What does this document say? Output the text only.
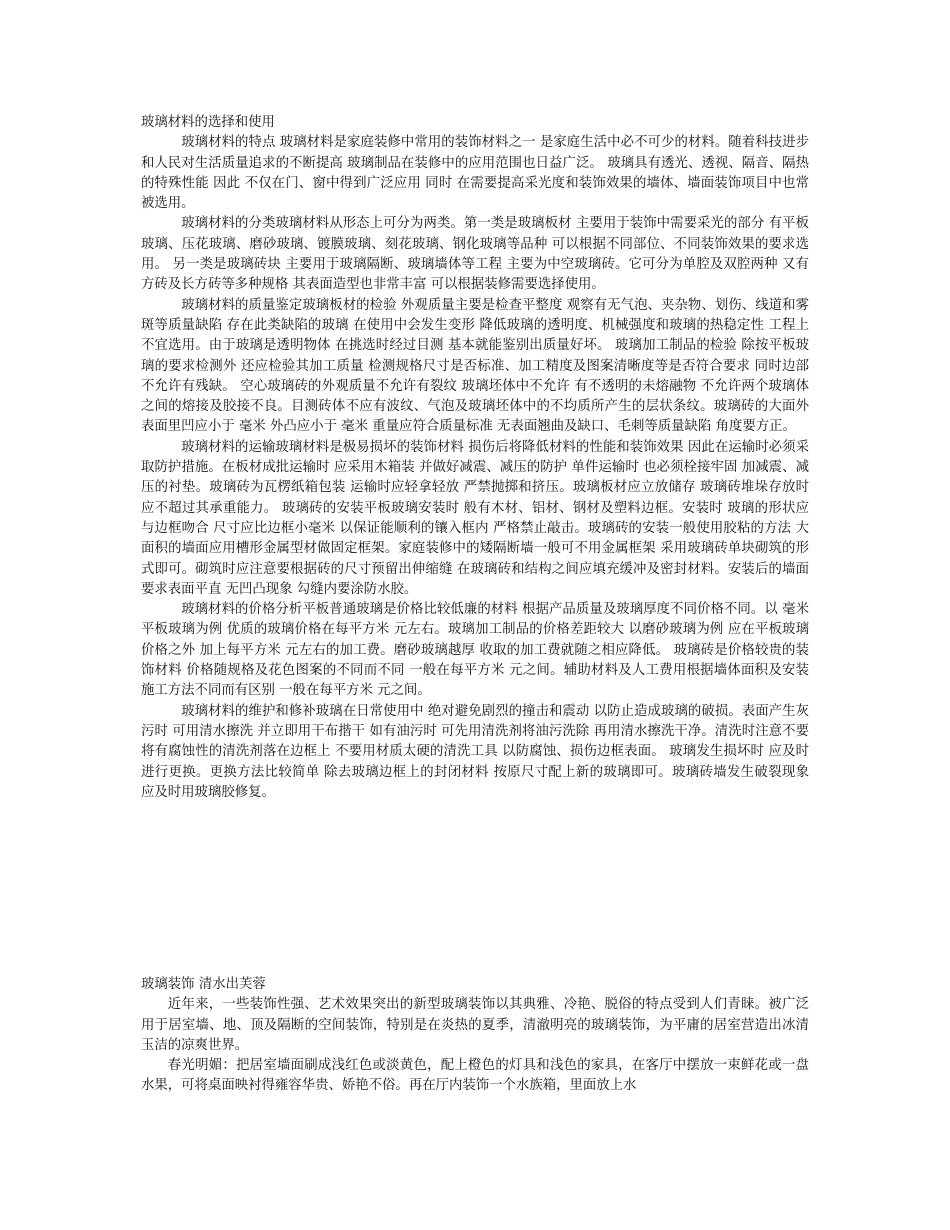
玻璃材料的选择和使用

玻璃材料的特点 玻璃材料是家庭装修中常用的装饰材料之一 是家庭生活中必不可少的材料。随着科技进步和人民对生活质量追求的不断提高 玻璃制品在装修中的应用范围也日益广泛。 玻璃具有透光、透视、隔音、隔热的特殊性能 因此 不仅在门、窗中得到广泛应用 同时 在需要提高采光度和装饰效果的墙体、墙面装饰项目中也常被选用。

玻璃材料的分类玻璃材料从形态上可分为两类。第一类是玻璃板材 主要用于装饰中需要采光的部分 有平板玻璃、压花玻璃、磨砂玻璃、镀膜玻璃、刻花玻璃、钢化玻璃等品种 可以根据不同部位、不同装饰效果的要求选用。 另一类是玻璃砖块 主要用于玻璃隔断、玻璃墙体等工程 主要为中空玻璃砖。它可分为单腔及双腔两种 又有方砖及长方砖等多种规格 其表面造型也非常丰富 可以根据装修需要选择使用。

玻璃材料的质量鉴定玻璃板材的检验 外观质量主要是检查平整度 观察有无气泡、夹杂物、划伤、线道和雾斑等质量缺陷 存在此类缺陷的玻璃 在使用中会发生变形 降低玻璃的透明度、机械强度和玻璃的热稳定性 工程上不宜选用。由于玻璃是透明物体 在挑选时经过目测 基本就能鉴别出质量好坏。 玻璃加工制品的检验 除按平板玻璃的要求检测外 还应检验其加工质量 检测规格尺寸是否标准、加工精度及图案清晰度等是否符合要求 同时边部不允许有残缺。 空心玻璃砖的外观质量不允许有裂纹 玻璃坯体中不允许 有不透明的未熔融物 不允许两个玻璃体之间的熔接及胶接不良。目测砖体不应有波纹、气泡及玻璃坯体中的不均质所产生的层状条纹。玻璃砖的大面外表面里凹应小于 毫米 外凸应小于 毫米 重量应符合质量标准 无表面翘曲及缺口、毛刺等质量缺陷 角度要方正。

玻璃材料的运输玻璃材料是极易损坏的装饰材料 损伤后将降低材料的性能和装饰效果 因此在运输时必须采取防护措施。在板材成批运输时 应采用木箱装 并做好减震、减压的防护 单件运输时 也必须栓接牢固 加减震、减压的衬垫。玻璃砖为瓦楞纸箱包装 运输时应轻拿轻放 严禁抛掷和挤压。玻璃板材应立放储存 玻璃砖堆垛存放时 应不超过其承重能力。 玻璃砖的安装平板玻璃安装时 般有木材、铝材、钢材及塑料边框。安装时 玻璃的形状应与边框吻合 尺寸应比边框小毫米 以保证能顺利的镶入框内 严格禁止敲击。玻璃砖的安装一般使用胶粘的方法 大面积的墙面应用槽形金属型材做固定框架。家庭装修中的矮隔断墙一般可不用金属框架 采用玻璃砖单块砌筑的形式即可。砌筑时应注意要根据砖的尺寸预留出伸缩缝 在玻璃砖和结构之间应填充缓冲及密封材料。安装后的墙面要求表面平直 无凹凸现象 勾缝内要涂防水胶。

玻璃材料的价格分析平板普通玻璃是价格比较低廉的材料 根据产品质量及玻璃厚度不同价格不同。以 毫米平板玻璃为例 优质的玻璃价格在每平方米 元左右。玻璃加工制品的价格差距较大 以磨砂玻璃为例 应在平板玻璃价格之外 加上每平方米 元左右的加工费。磨砂玻璃越厚 收取的加工费就随之相应降低。 玻璃砖是价格较贵的装饰材料 价格随规格及花色图案的不同而不同 一般在每平方米 元之间。辅助材料及人工费用根据墙体面积及安装施工方法不同而有区别 一般在每平方米 元之间。

玻璃材料的维护和修补玻璃在日常使用中 绝对避免剧烈的撞击和震动 以防止造成玻璃的破损。表面产生灰污时 可用清水擦洗 并立即用干布揩干 如有油污时 可先用清洗剂将油污洗除 再用清水擦洗干净。清洗时注意不要将有腐蚀性的清洗剂落在边框上 不要用材质太硬的清洗工具 以防腐蚀、损伤边框表面。 玻璃发生损坏时 应及时进行更换。更换方法比较简单 除去玻璃边框上的封闭材料 按原尺寸配上新的玻璃即可。玻璃砖墙发生破裂现象 应及时用玻璃胶修复。

玻璃装饰 清水出芙蓉

近年来，一些装饰性强、艺术效果突出的新型玻璃装饰以其典雅、冷艳、脱俗的特点受到人们青睐。被广泛用于居室墙、地、顶及隔断的空间装饰，特别是在炎热的夏季，清澈明亮的玻璃装饰，为平庸的居室营造出冰清玉洁的凉爽世界。

春光明媚：把居室墙面刷成浅红色或淡黄色，配上橙色的灯具和浅色的家具，在客厅中摆放一束鲜花或一盘水果，可将桌面映衬得雍容华贵、娇艳不俗。再在厅内装饰一个水族箱，里面放上水
